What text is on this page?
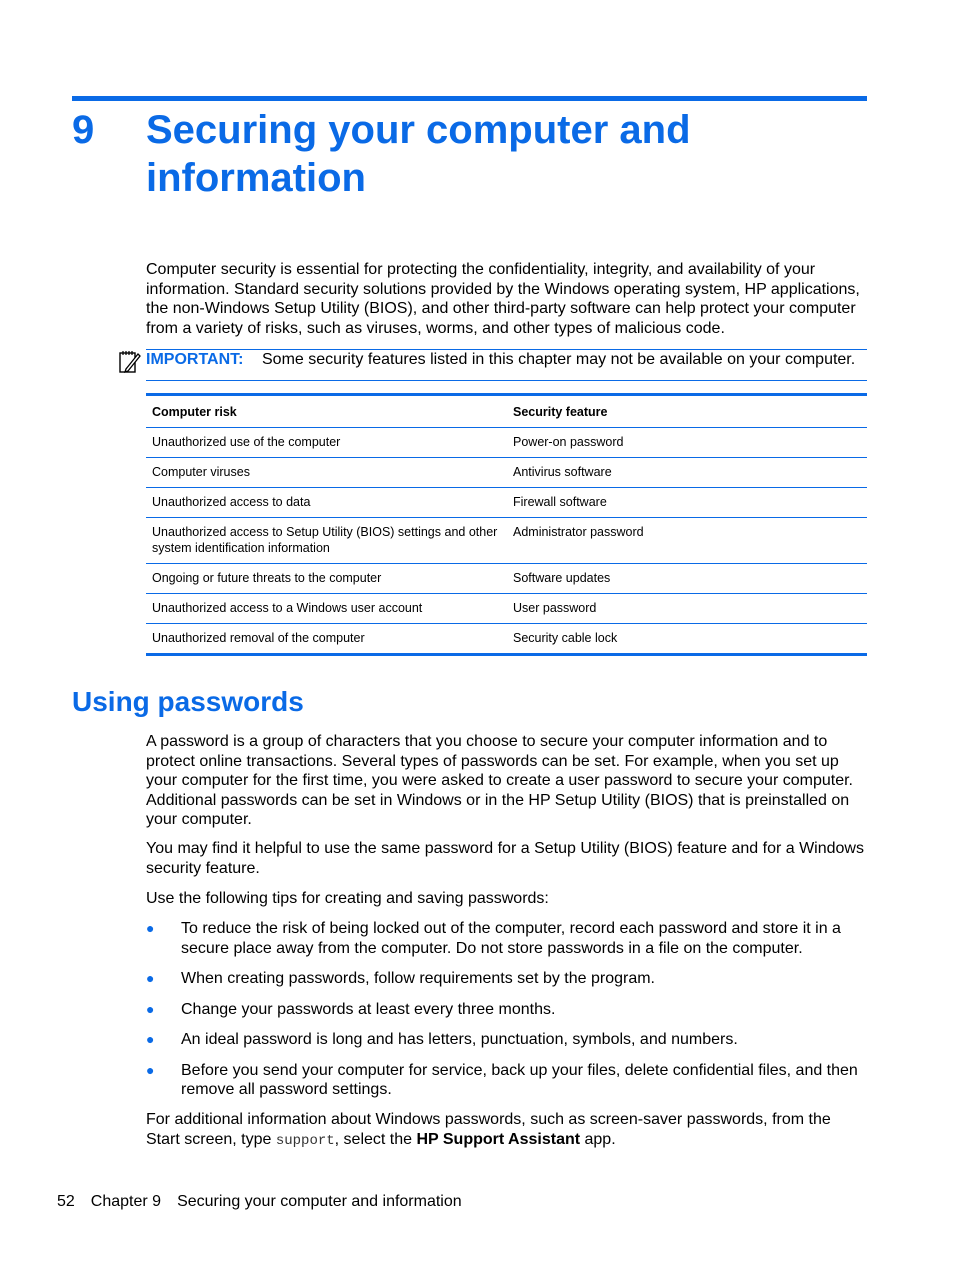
9 Securing your computer and information

Computer security is essential for protecting the confidentiality, integrity, and availability of your information. Standard security solutions provided by the Windows operating system, HP applications, the non-Windows Setup Utility (BIOS), and other third-party software can help protect your computer from a variety of risks, such as viruses, worms, and other types of malicious code.

IMPORTANT: Some security features listed in this chapter may not be available on your computer.
Computer risk	Security feature
Unauthorized use of the computer	Power-on password
Computer viruses	Antivirus software
Unauthorized access to data	Firewall software
Unauthorized access to Setup Utility (BIOS) settings and other system identification information	Administrator password
Ongoing or future threats to the computer	Software updates
Unauthorized access to a Windows user account	User password
Unauthorized removal of the computer	Security cable lock
Using passwords

A password is a group of characters that you choose to secure your computer information and to protect online transactions. Several types of passwords can be set. For example, when you set up your computer for the first time, you were asked to create a user password to secure your computer. Additional passwords can be set in Windows or in the HP Setup Utility (BIOS) that is preinstalled on your computer.

You may find it helpful to use the same password for a Setup Utility (BIOS) feature and for a Windows security feature.

Use the following tips for creating and saving passwords:

● To reduce the risk of being locked out of the computer, record each password and store it in a secure place away from the computer. Do not store passwords in a file on the computer.
● When creating passwords, follow requirements set by the program.
● Change your passwords at least every three months.
● An ideal password is long and has letters, punctuation, symbols, and numbers.
● Before you send your computer for service, back up your files, delete confidential files, and then remove all password settings.

For additional information about Windows passwords, such as screen-saver passwords, from the Start screen, type support, select the HP Support Assistant app.

52 Chapter 9 Securing your computer and information
